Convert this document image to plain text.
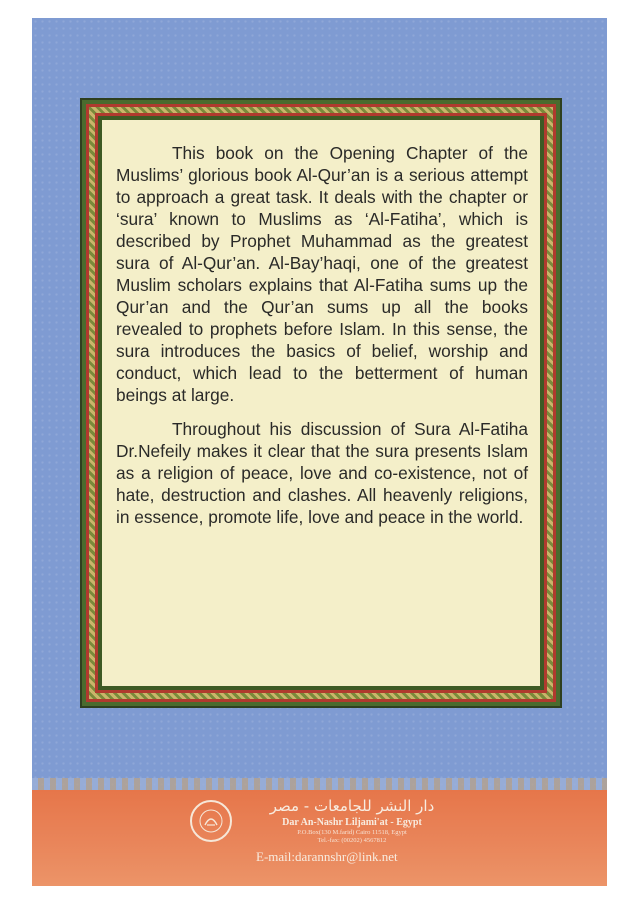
This book on the Opening Chapter of the Muslims’ glorious book Al-Qur’an is a serious attempt to approach a great task. It deals with the chapter or ‘sura’ known to Muslims as ‘Al-Fatiha’, which is described by Prophet Muhammad as the greatest sura of Al-Qur’an. Al-Bay’haqi, one of the greatest Muslim scholars explains that Al-Fatiha sums up the Qur’an and the Qur’an sums up all the books revealed to prophets before Islam. In this sense, the sura introduces the basics of belief, worship and conduct, which lead to the betterment of human beings at large.

Throughout his discussion of Sura Al-Fatiha Dr.Nefeily makes it clear that the sura presents Islam as a religion of peace, love and co-existence, not of hate, destruction and clashes. All heavenly religions, in essence, promote life, love and peace in the world.

دار النشر للجامعات - مصر
Dar An-Nashr Liljami'at - Egypt
P.O.Box(130 M.farid) Cairo 11518, Egypt
Tel.-fax: (00202) 4567812
E-mail:darannshr@link.net
